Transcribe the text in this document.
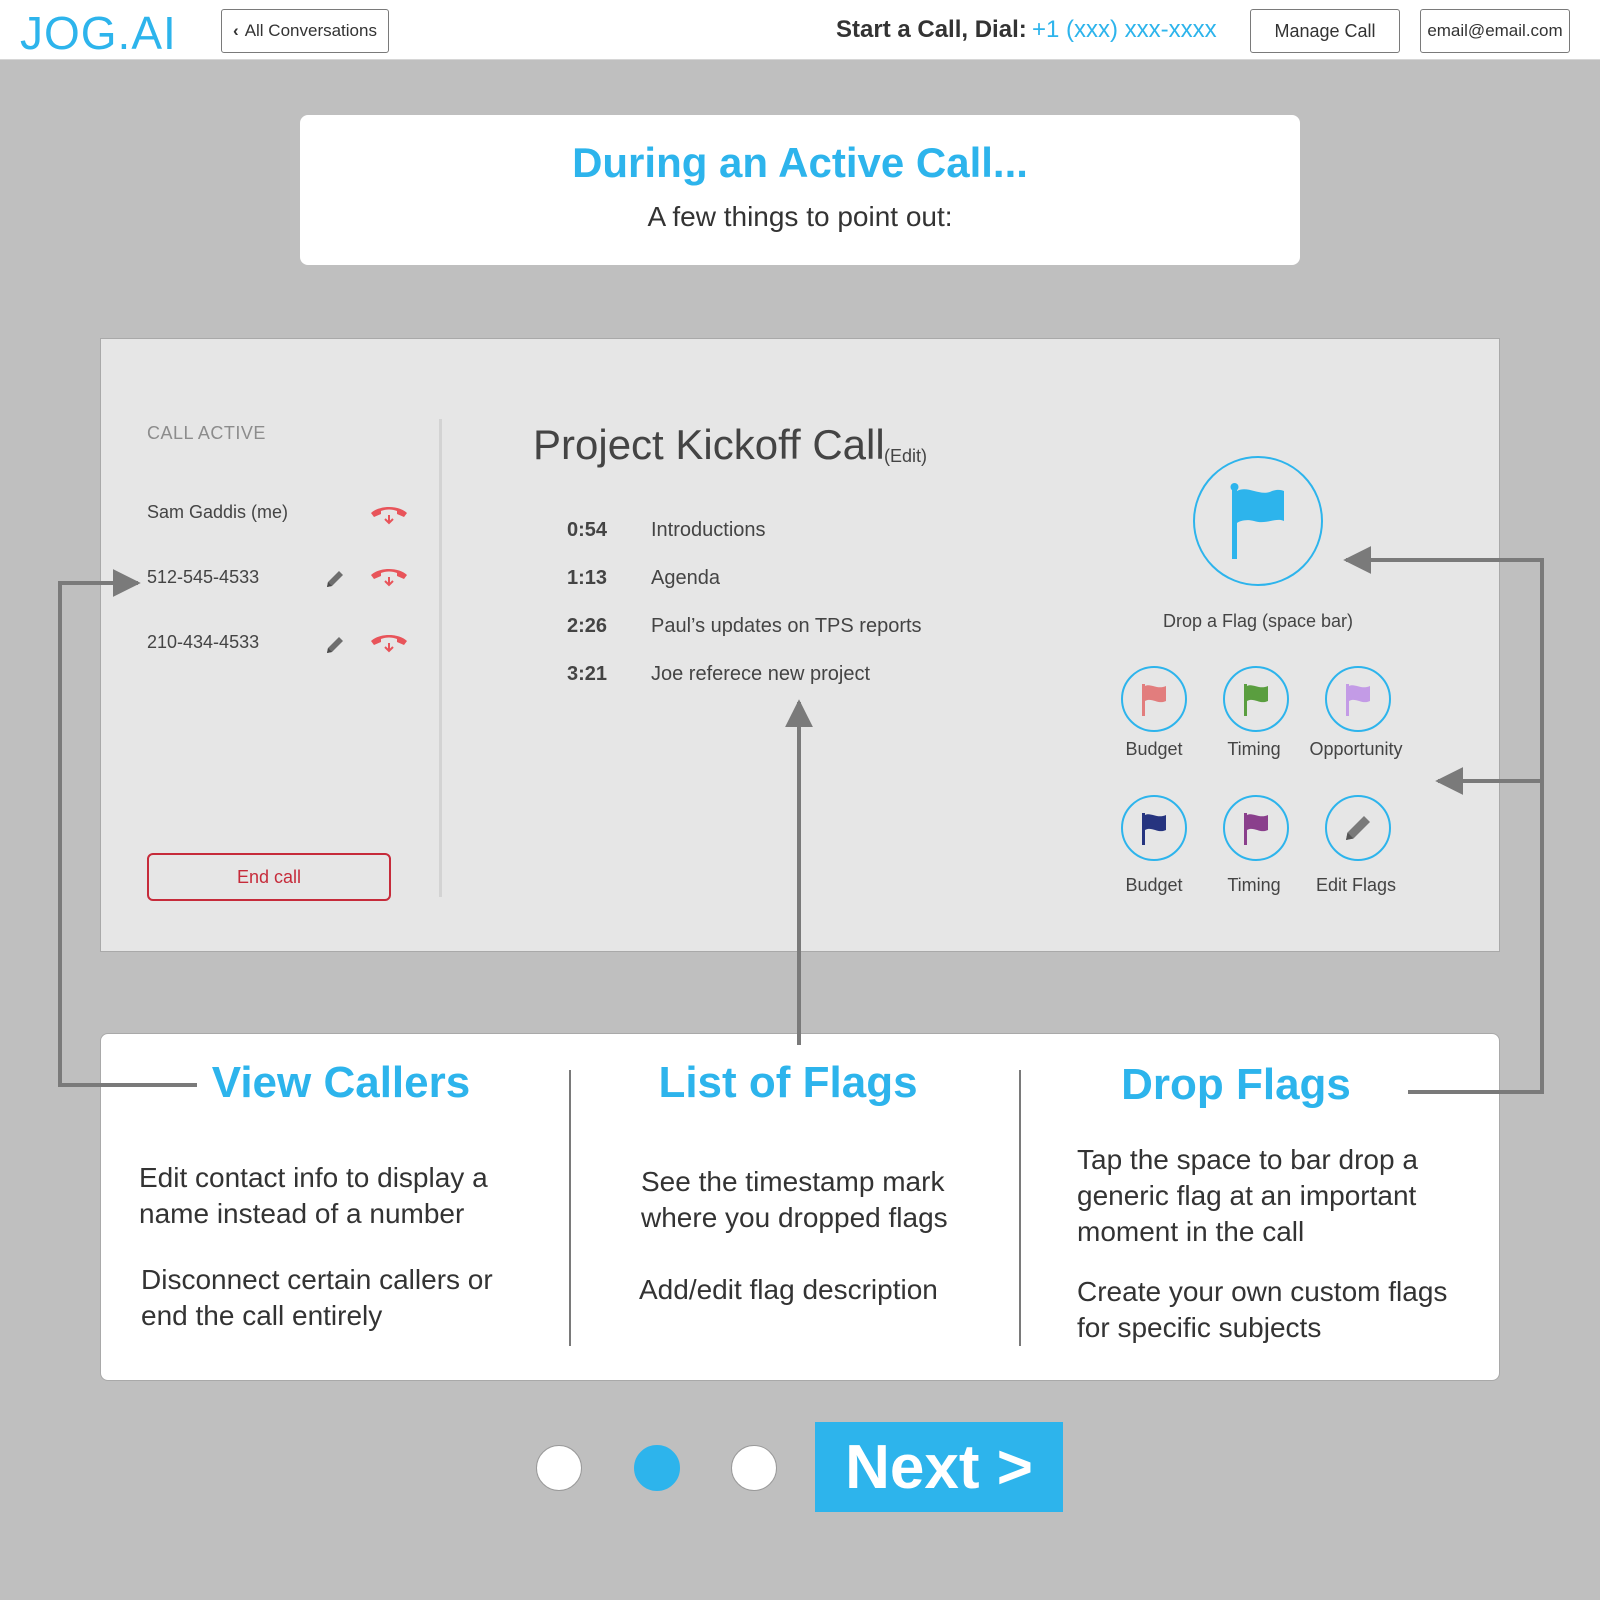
JOG.AI	‹ All Conversations	Start a Call, Dial: +1 (xxx) xxx-xxxx	Manage Call	email@email.com
During an Active Call...

A few things to point out:

CALL ACTIVE
Sam Gaddis (me)
512-545-4533
210-434-4533
End call
Project Kickoff Call (Edit)
0:54 Introductions
1:13 Agenda
2:26 Paul’s updates on TPS reports
3:21 Joe referece new project
Drop a Flag (space bar)
Budget	Timing	Opportunity
Budget	Timing	Edit Flags
View Callers
Edit contact info to display a name instead of a number
Disconnect certain callers or end the call entirely
List of Flags
See the timestamp mark where you dropped flags
Add/edit flag description
Drop Flags
Tap the space to bar drop a generic flag at an important moment in the call
Create your own custom flags for specific subjects
Next >
